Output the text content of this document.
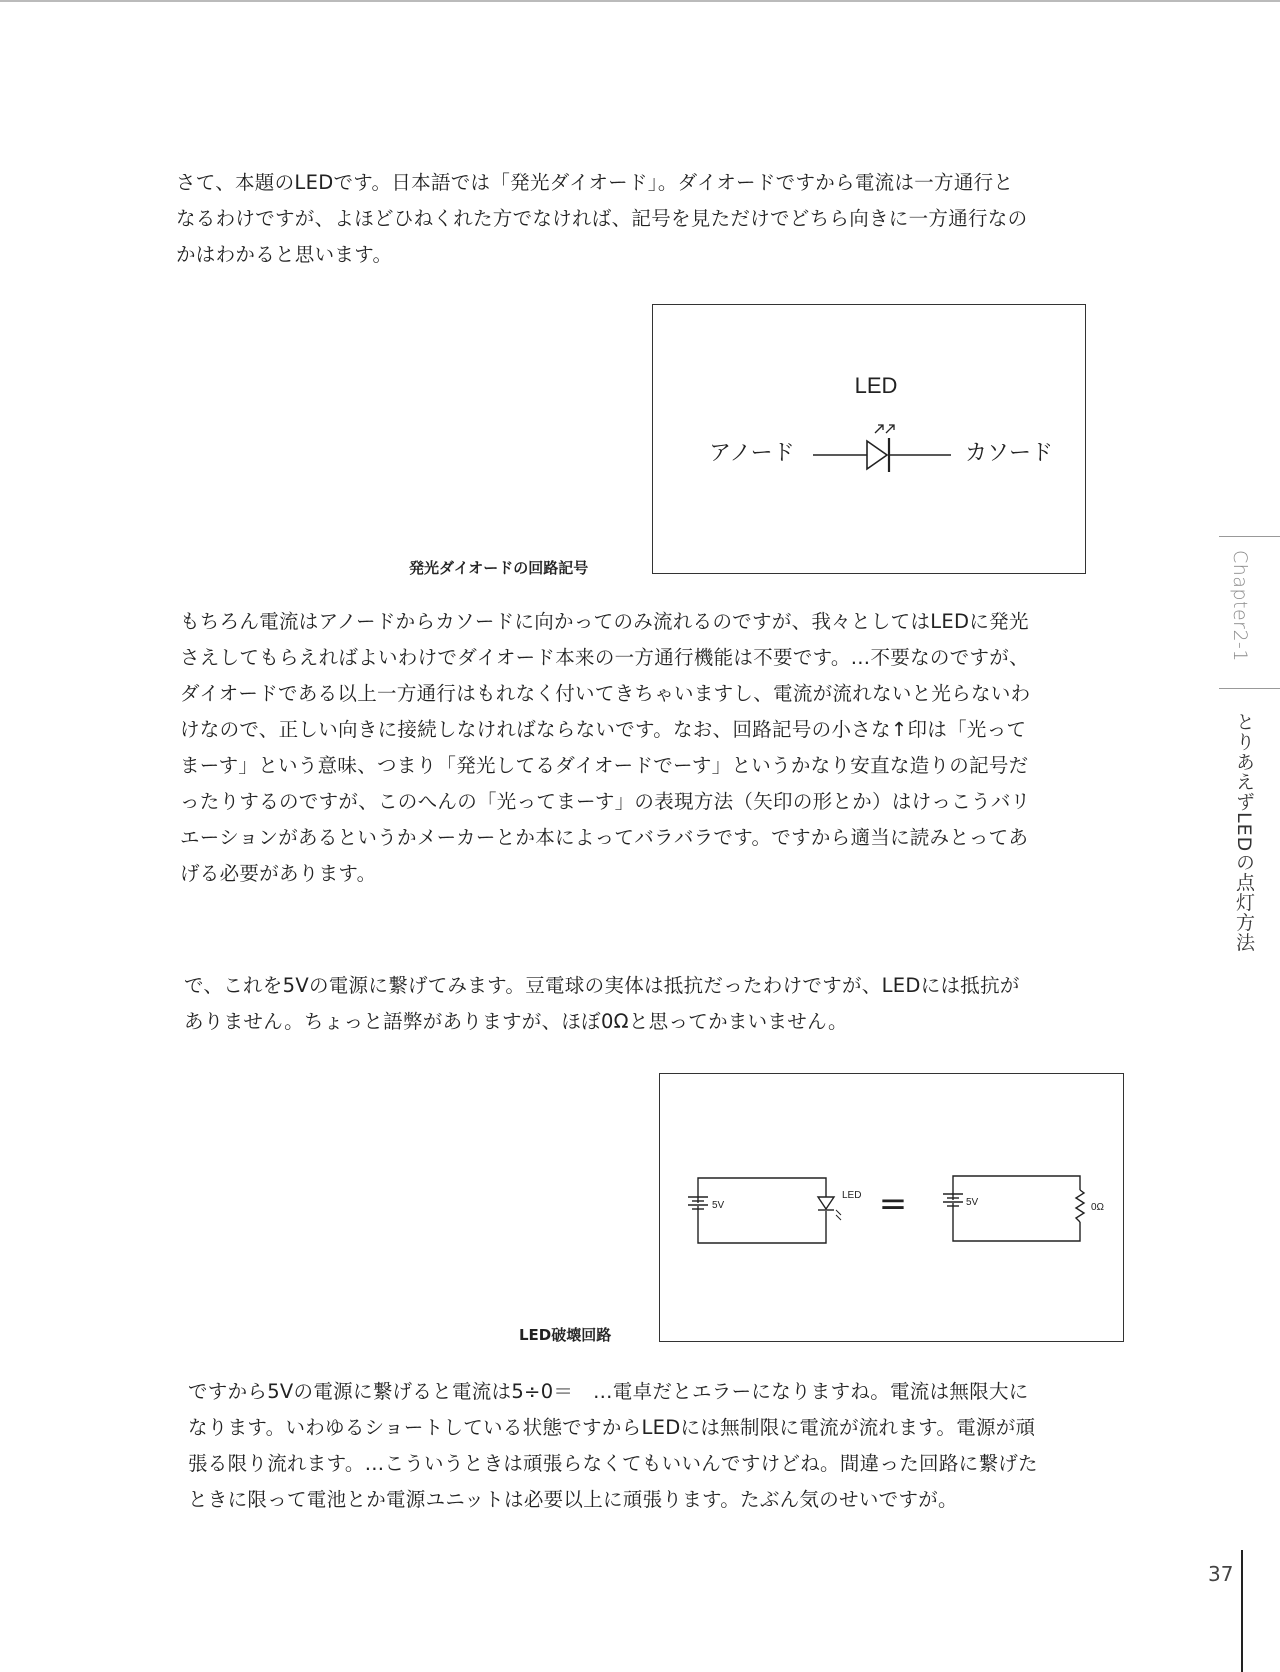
さて、本題のLEDです。日本語では「発光ダイオード」。ダイオードですから電流は一方通行と
なるわけですが、よほどひねくれた方でなければ、記号を見ただけでどちら向きに一方通行なの
かはわかると思います。
LED
アノード	カソード
発光ダイオードの回路記号
もちろん電流はアノードからカソードに向かってのみ流れるのですが、我々としてはLEDに発光
さえしてもらえればよいわけでダイオード本来の一方通行機能は不要です。…不要なのですが、
ダイオードである以上一方通行はもれなく付いてきちゃいますし、電流が流れないと光らないわ
けなので、正しい向きに接続しなければならないです。なお、回路記号の小さな↑印は「光って
まーす」という意味、つまり「発光してるダイオードでーす」というかなり安直な造りの記号だ
ったりするのですが、このへんの「光ってまーす」の表現方法（矢印の形とか）はけっこうバリ
エーションがあるというかメーカーとか本によってバラバラです。ですから適当に読みとってあ
げる必要があります。
で、これを5Vの電源に繋げてみます。豆電球の実体は抵抗だったわけですが、LEDには抵抗が
ありません。ちょっと語弊がありますが、ほぼ0Ωと思ってかまいません。
5V
LED =	5V	0Ω
LED破壊回路
ですから5Vの電源に繋げると電流は5÷0＝　…電卓だとエラーになりますね。電流は無限大に
なります。いわゆるショートしている状態ですからLEDには無制限に電流が流れます。電源が頑
張る限り流れます。…こういうときは頑張らなくてもいいんですけどね。間違った回路に繋げた
ときに限って電池とか電源ユニットは必要以上に頑張ります。たぶん気のせいですが。
Chapter2-1
とりあえずLEDの点灯方法
37
